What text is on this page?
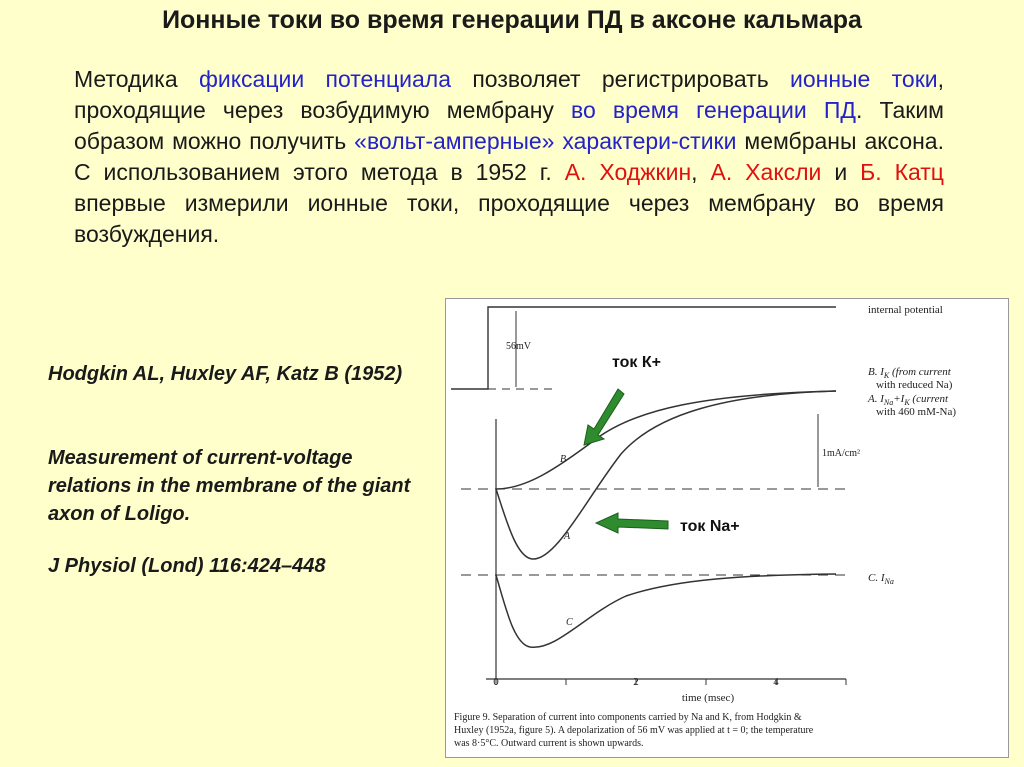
Ионные токи во время генерации ПД в аксоне кальмара
Методика фиксации потенциала позволяет регистрировать ионные токи, проходящие через возбудимую мембрану во время генерации ПД. Таким образом можно получить «вольт-амперные» характери-стики мембраны аксона. С использованием этого метода в 1952 г. А. Ходжкин, А. Хаксли и Б. Катц впервые измерили ионные токи, проходящие через мембрану во время возбуждения.
Hodgkin AL, Huxley AF, Katz B (1952)
Measurement of current-voltage relations in the membrane of the giant axon of Loligo.
J Physiol (Lond) 116:424–448
0	2	4
time (msec)
56mV
internal potential
1mA/cm²
B
A
B. $I_K$ (from current
with reduced Na)
A. $I_{Na}+I_K$ (current
with 460 mM-Na)
C
C. $I_{Na}$
ток К+
ток Na+
Figure 9. Separation of current into components carried by Na and K, from Hodgkin &
Huxley (1952a, figure 5). A depolarization of 56 mV was applied at t = 0; the temperature
was 8·5°C. Outward current is shown upwards.
